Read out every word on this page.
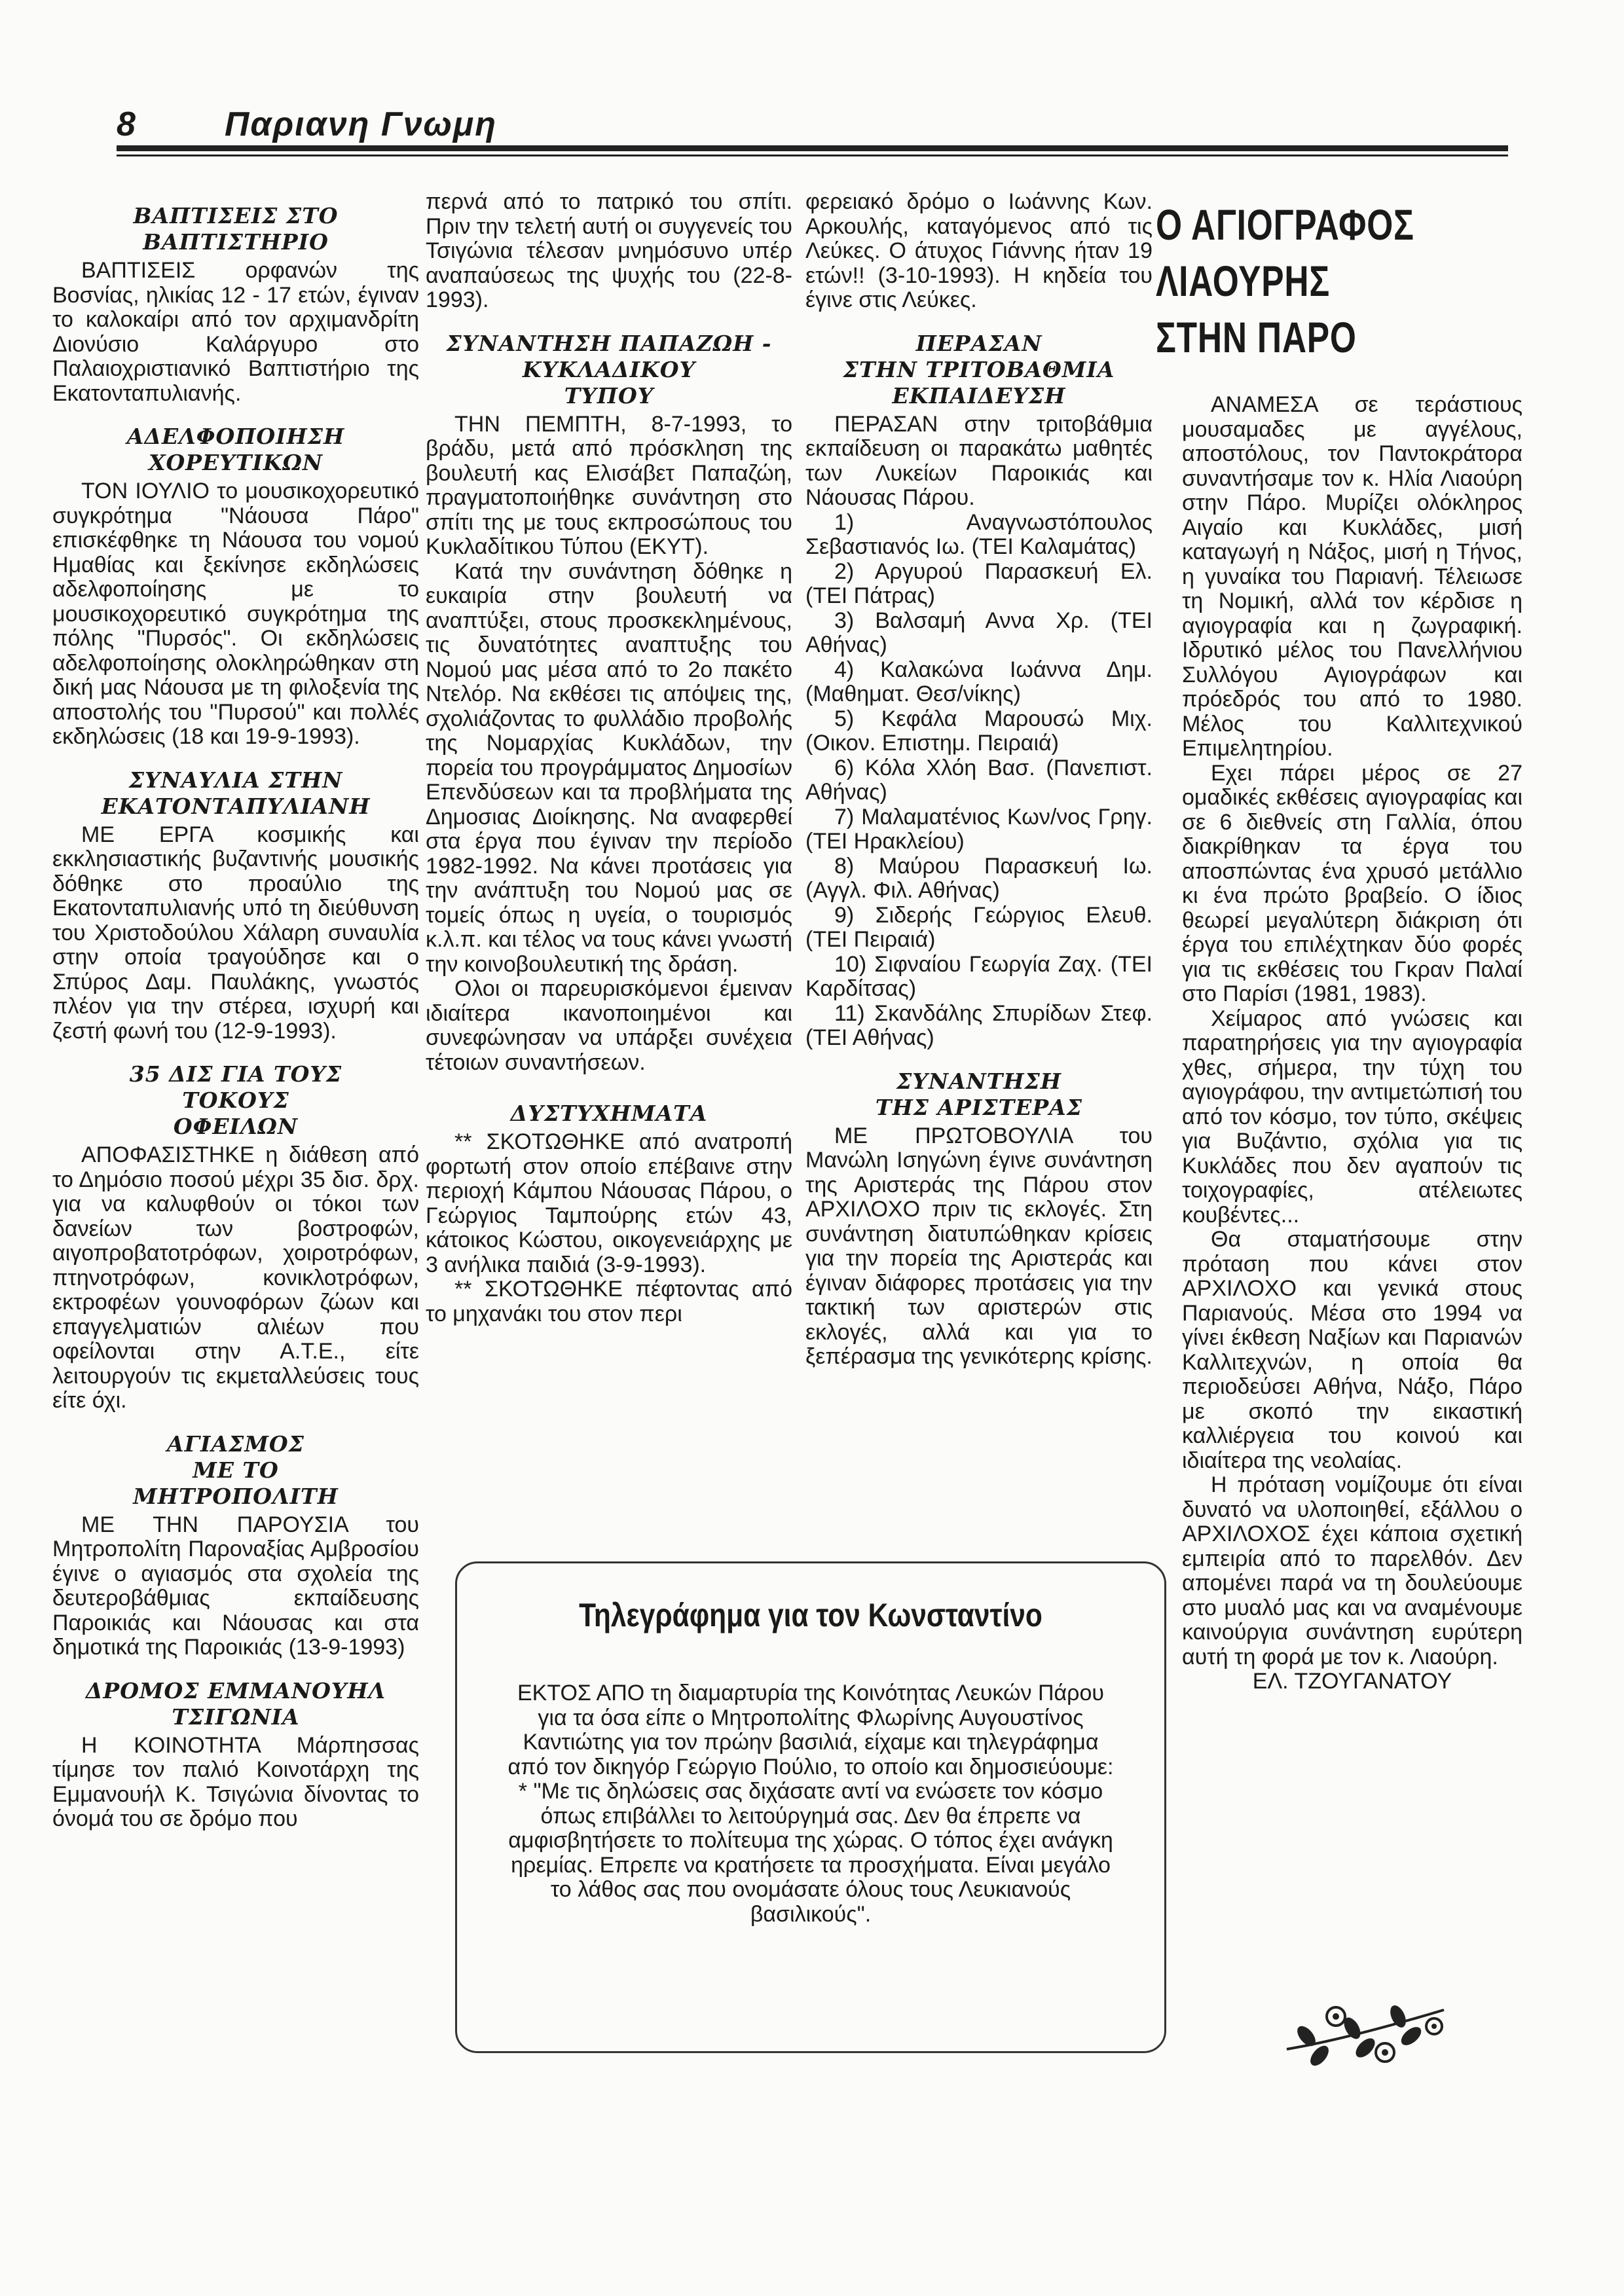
8	Παριανη Γνωμη
ΒΑΠΤΙΣΕΙΣ ΣΤΟ
ΒΑΠΤΙΣΤΗΡΙΟ

ΒΑΠΤΙΣΕΙΣ ορφανών της Βοσνίας, ηλικίας 12 - 17 ετών, έγιναν το καλοκαίρι από τον αρχιμανδρίτη Διονύσιο Καλάργυρο στο Παλαιοχριστιανικό Βαπτιστήριο της Εκατονταπυλιανής.

ΑΔΕΛΦΟΠΟΙΗΣΗ
ΧΟΡΕΥΤΙΚΩΝ

ΤΟΝ ΙΟΥΛΙΟ το μουσικοχορευτικό συγκρότημα "Νάουσα Πάρο" επισκέφθηκε τη Νάουσα του νομού Ημαθίας και ξεκίνησε εκδηλώσεις αδελφοποίησης με το μουσικοχορευτικό συγκρότημα της πόλης "Πυρσός". Οι εκδηλώσεις αδελφοποίησης ολοκληρώθηκαν στη δική μας Νάουσα με τη φιλοξενία της αποστολής του "Πυρσού" και πολλές εκδηλώσεις (18 και 19-9-1993).

ΣΥΝΑΥΛΙΑ ΣΤΗΝ
ΕΚΑΤΟΝΤΑΠΥΛΙΑΝΗ

ΜΕ ΕΡΓΑ κοσμικής και εκκλησιαστικής βυζαντινής μουσικής δόθηκε στο προαύλιο της Εκατονταπυλιανής υπό τη διεύθυνση του Χριστοδούλου Χάλαρη συναυλία στην οποία τραγούδησε και ο Σπύρος Δαμ. Παυλάκης, γνωστός πλέον για την στέρεα, ισχυρή και ζεστή φωνή του (12-9-1993).

35 ΔΙΣ ΓΙΑ ΤΟΥΣ
ΤΟΚΟΥΣ
ΟΦΕΙΛΩΝ

ΑΠΟΦΑΣΙΣΤΗΚΕ η διάθεση από το Δημόσιο ποσού μέχρι 35 δισ. δρχ. για να καλυφθούν οι τόκοι των δανείων των βοστροφών, αιγοπροβατοτρόφων, χοιροτρόφων, πτηνοτρόφων, κονικλοτρόφων, εκτροφέων γουνοφόρων ζώων και επαγγελματιών αλιέων που οφείλονται στην Α.Τ.Ε., είτε λειτουργούν τις εκμεταλλεύσεις τους είτε όχι.

ΑΓΙΑΣΜΟΣ
ΜΕ ΤΟ
ΜΗΤΡΟΠΟΛΙΤΗ

ΜΕ ΤΗΝ ΠΑΡΟΥΣΙΑ του Μητροπολίτη Παροναξίας Αμβροσίου έγινε ο αγιασμός στα σχολεία της δευτεροβάθμιας εκπαίδευσης Παροικιάς και Νάουσας και στα δημοτικά της Παροικιάς (13-9-1993)

ΔΡΟΜΟΣ ΕΜΜΑΝΟΥΗΛ
ΤΣΙΓΩΝΙΑ

Η ΚΟΙΝΟΤΗΤΑ Μάρπησσας τίμησε τον παλιό Κοινοτάρχη της Εμμανουήλ Κ. Τσιγώνια δίνοντας το όνομά του σε δρόμο που

περνά από το πατρικό του σπίτι. Πριν την τελετή αυτή οι συγγενείς του Τσιγώνια τέλεσαν μνημόσυνο υπέρ αναπαύσεως της ψυχής του (22-8-1993).

ΣΥΝΑΝΤΗΣΗ ΠΑΠΑΖΩΗ -
ΚΥΚΛΑΔΙΚΟΥ
ΤΥΠΟΥ

ΤΗΝ ΠΕΜΠΤΗ, 8-7-1993, το βράδυ, μετά από πρόσκληση της βουλευτή κας Ελισάβετ Παπαζώη, πραγματοποιήθηκε συνάντηση στο σπίτι της με τους εκπροσώπους του Κυκλαδίτικου Τύπου (ΕΚΥΤ).

Κατά την συνάντηση δόθηκε η ευκαιρία στην βουλευτή να αναπτύξει, στους προσκεκλημένους, τις δυνατότητες αναπτυξης του Νομού μας μέσα από το 2ο πακέτο Ντελόρ. Να εκθέσει τις απόψεις της, σχολιάζοντας το φυλλάδιο προβολής της Νομαρχίας Κυκλάδων, την πορεία του προγράμματος Δημοσίων Επενδύσεων και τα προβλήματα της Δημοσιας Διοίκησης. Να αναφερθεί στα έργα που έγιναν την περίοδο 1982-1992. Να κάνει προτάσεις για την ανάπτυξη του Νομού μας σε τομείς όπως η υγεία, ο τουρισμός κ.λ.π. και τέλος να τους κάνει γνωστή την κοινοβουλευτική της δράση.

Ολοι οι παρευρισκόμενοι έμειναν ιδιαίτερα ικανοποιημένοι και συνεφώνησαν να υπάρξει συνέχεια τέτοιων συναντήσεων.

ΔΥΣΤΥΧΗΜΑΤΑ

** ΣΚΟΤΩΘΗΚΕ από ανατροπή φορτωτή στον οποίο επέβαινε στην περιοχή Κάμπου Νάουσας Πάρου, ο Γεώργιος Ταμπούρης ετών 43, κάτοικος Κώστου, οικογενειάρχης με 3 ανήλικα παιδιά (3-9-1993).

** ΣΚΟΤΩΘΗΚΕ πέφτοντας από το μηχανάκι του στον περι

φερειακό δρόμο ο Ιωάννης Κων. Αρκουλής, καταγόμενος από τις Λεύκες. Ο άτυχος Γιάννης ήταν 19 ετών!! (3-10-1993). Η κηδεία του έγινε στις Λεύκες.

ΠΕΡΑΣΑΝ
ΣΤΗΝ ΤΡΙΤΟΒΑΘΜΙΑ
ΕΚΠΑΙΔΕΥΣΗ

ΠΕΡΑΣΑΝ στην τριτοβάθμια εκπαίδευση οι παρακάτω μαθητές των Λυκείων Παροικιάς και Νάουσας Πάρου.

1) Αναγνωστόπουλος Σεβαστιανός Ιω. (ΤΕΙ Καλαμάτας)

2) Αργυρού Παρασκευή Ελ. (ΤΕΙ Πάτρας)

3) Βαλσαμή Αννα Χρ. (ΤΕΙ Αθήνας)

4) Καλακώνα Ιωάννα Δημ. (Μαθηματ. Θεσ/νίκης)

5) Κεφάλα Μαρουσώ Μιχ. (Οικον. Επιστημ. Πειραιά)

6) Κόλα Χλόη Βασ. (Πανεπιστ. Αθήνας)

7) Μαλαματένιος Κων/νος Γρηγ. (ΤΕΙ Ηρακλείου)

8) Μαύρου Παρασκευή Ιω. (Αγγλ. Φιλ. Αθήνας)

9) Σιδερής Γεώργιος Ελευθ. (ΤΕΙ Πειραιά)

10) Σιφναίου Γεωργία Ζαχ. (ΤΕΙ Καρδίτσας)

11) Σκανδάλης Σπυρίδων Στεφ. (ΤΕΙ Αθήνας)

ΣΥΝΑΝΤΗΣΗ
ΤΗΣ ΑΡΙΣΤΕΡΑΣ

ΜΕ ΠΡΩΤΟΒΟΥΛΙΑ του Μανώλη Ισηγώνη έγινε συνάντηση της Αριστεράς της Πάρου στον ΑΡΧΙΛΟΧΟ πριν τις εκλογές. Στη συνάντηση διατυπώθηκαν κρίσεις για την πορεία της Αριστεράς και έγιναν διάφορες προτάσεις για την τακτική των αριστερών στις εκλογές, αλλά και για το ξεπέρασμα της γενικότερης κρίσης.

Ο ΑΓΙΟΓΡΑΦΟΣ
ΛΙΑΟΥΡΗΣ
ΣΤΗΝ ΠΑΡΟ

ΑΝΑΜΕΣΑ σε τεράστιους μουσαμαδες με αγγέλους, αποστόλους, τον Παντοκράτορα συναντήσαμε τον κ. Ηλία Λιαούρη στην Πάρο. Μυρίζει ολόκληρος Αιγαίο και Κυκλάδες, μισή καταγωγή η Νάξος, μισή η Τήνος, η γυναίκα του Παριανή. Τέλειωσε τη Νομική, αλλά τον κέρδισε η αγιογραφία και η ζωγραφική. Ιδρυτικό μέλος του Πανελλήνιου Συλλόγου Αγιογράφων και πρόεδρός του από το 1980. Μέλος του Καλλιτεχνικού Επιμελητηρίου.

Εχει πάρει μέρος σε 27 ομαδικές εκθέσεις αγιογραφίας και σε 6 διεθνείς στη Γαλλία, όπου διακρίθηκαν τα έργα του αποσπώντας ένα χρυσό μετάλλιο κι ένα πρώτο βραβείο. Ο ίδιος θεωρεί μεγαλύτερη διάκριση ότι έργα του επιλέχτηκαν δύο φορές για τις εκθέσεις του Γκραν Παλαί στο Παρίσι (1981, 1983).

Χείμαρος από γνώσεις και παρατηρήσεις για την αγιογραφία χθες, σήμερα, την τύχη του αγιογράφου, την αντιμετώπισή του από τον κόσμο, τον τύπο, σκέψεις για Βυζάντιο, σχόλια για τις Κυκλάδες που δεν αγαπούν τις τοιχογραφίες, ατέλειωτες κουβέντες...

Θα σταματήσουμε στην πρόταση που κάνει στον ΑΡΧΙΛΟΧΟ και γενικά στους Παριανούς. Μέσα στο 1994 να γίνει έκθεση Ναξίων και Παριανών Καλλιτεχνών, η οποία θα περιοδεύσει Αθήνα, Νάξο, Πάρο με σκοπό την εικαστική καλλιέργεια του κοινού και ιδιαίτερα της νεολαίας.

Η πρόταση νομίζουμε ότι είναι δυνατό να υλοποιηθεί, εξάλλου ο ΑΡΧΙΛΟΧΟΣ έχει κάποια σχετική εμπειρία από το παρελθόν. Δεν απομένει παρά να τη δουλεύουμε στο μυαλό μας και να αναμένουμε καινούργια συνάντηση ευρύτερη αυτή τη φορά με τον κ. Λιαούρη.

ΕΛ. ΤΖΟΥΓΑΝΑΤΟΥ

Τηλεγράφημα για τον Κωνσταντίνο

ΕΚΤΟΣ ΑΠΟ τη διαμαρτυρία της Κοινότητας Λευκών Πάρου για τα όσα είπε ο Μητροπολίτης Φλωρίνης Αυγουστίνος Καντιώτης για τον πρώην βασιλιά, είχαμε και τηλεγράφημα από τον δικηγόρ Γεώργιο Πούλιο, το οποίο και δημοσιεύουμε:

* "Με τις δηλώσεις σας διχάσατε αντί να ενώσετε τον κόσμο όπως επιβάλλει το λειτούργημά σας. Δεν θα έπρεπε να αμφισβητήσετε το πολίτευμα της χώρας. Ο τόπος έχει ανάγκη ηρεμίας. Επρεπε να κρατήσετε τα προσχήματα. Είναι μεγάλο το λάθος σας που ονομάσατε όλους τους Λευκιανούς βασιλικούς".
